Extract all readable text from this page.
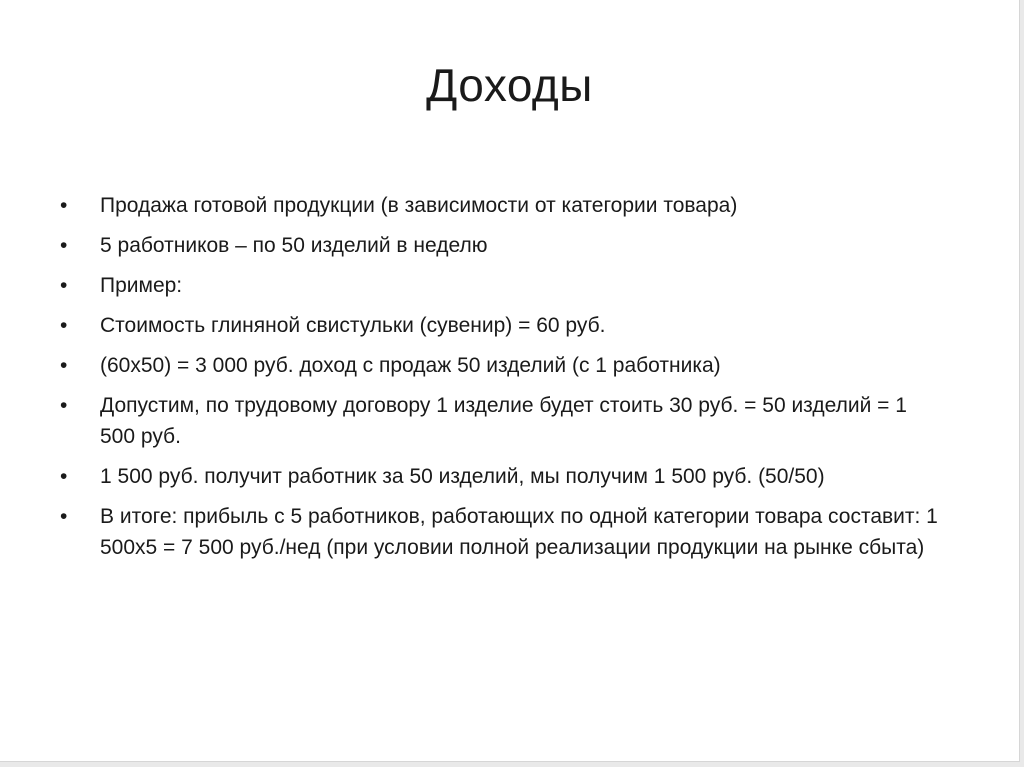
Доходы
•	Продажа готовой продукции (в зависимости от категории товара)
•	5 работников – по 50 изделий в неделю
•	Пример:
•	Стоимость глиняной свистульки (сувенир) = 60 руб.
•	(60х50) = 3 000 руб. доход с продаж 50 изделий (с 1 работника)
•	Допустим, по трудовому договору 1 изделие будет стоить 30 руб. = 50 изделий = 1 500 руб.
•	1 500 руб. получит работник за 50 изделий, мы получим 1 500 руб. (50/50)
•	В итоге: прибыль с 5 работников, работающих по одной категории товара составит: 1 500х5 = 7 500 руб./нед (при условии полной реализации продукции на рынке сбыта)
